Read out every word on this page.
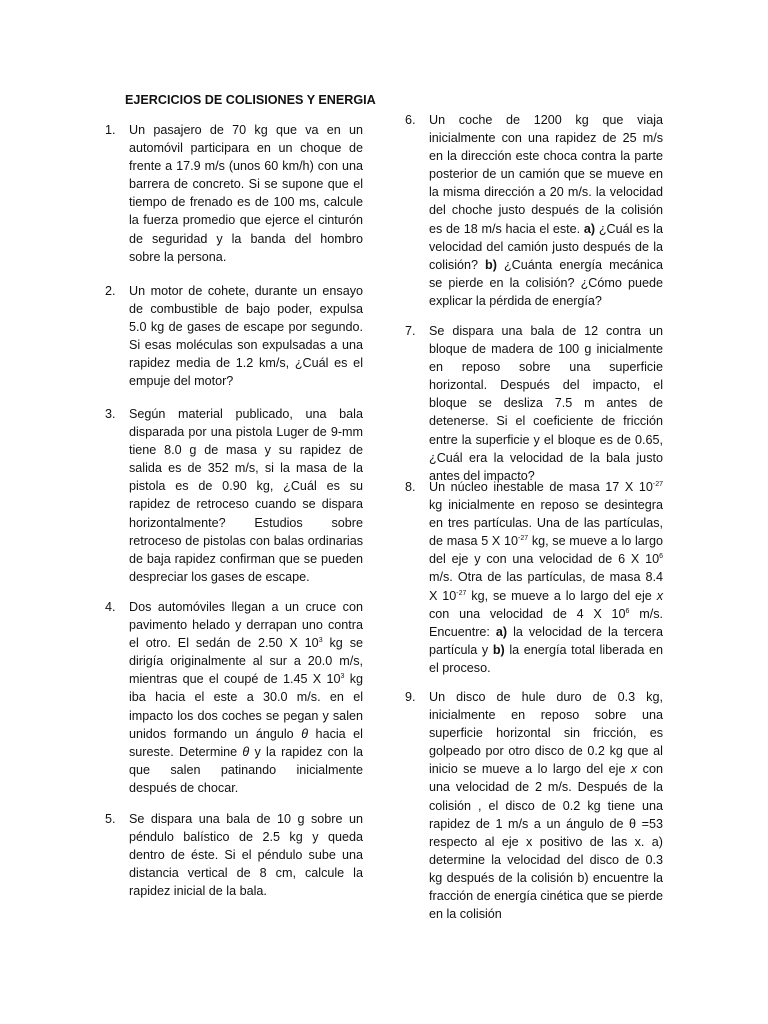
EJERCICIOS DE COLISIONES Y ENERGIA
1.	Un pasajero de 70 kg que va en un automóvil participara en un choque de frente a 17.9 m/s (unos 60 km/h) con una barrera de concreto. Si se supone que el tiempo de frenado es de 100 ms, calcule la fuerza promedio que ejerce el cinturón de seguridad y la banda del hombro sobre la persona.
2.	Un motor de cohete, durante un ensayo de combustible de bajo poder, expulsa 5.0 kg de gases de escape por segundo. Si esas moléculas son expulsadas a una rapidez media de 1.2 km/s, ¿Cuál es el empuje del motor?
3.	Según material publicado, una bala disparada por una pistola Luger de 9-mm tiene 8.0 g de masa y su rapidez de salida es de 352 m/s, si la masa de la pistola es de 0.90 kg, ¿Cuál es su rapidez de retroceso cuando se dispara horizontalmente? Estudios sobre retroceso de pistolas con balas ordinarias de baja rapidez confirman que se pueden despreciar los gases de escape.
4.	Dos automóviles llegan a un cruce con pavimento helado y derrapan uno contra el otro. El sedán de 2.50 X $10^3$ kg se dirigía originalmente al sur a 20.0 m/s, mientras que el coupé de 1.45 X $10^3$ kg iba hacia el este a 30.0 m/s. en el impacto los dos coches se pegan y salen unidos formando un ángulo θ hacia el sureste. Determine θ y la rapidez con la que salen patinando inicialmente después de chocar.
5.	Se dispara una bala de 10 g sobre un péndulo balístico de 2.5 kg y queda dentro de éste. Si el péndulo sube una distancia vertical de 8 cm, calcule la rapidez inicial de la bala.
6.	Un coche de 1200 kg que viaja inicialmente con una rapidez de 25 m/s en la dirección este choca contra la parte posterior de un camión que se mueve en la misma dirección a 20 m/s. la velocidad del choche justo después de la colisión es de 18 m/s hacia el este. a) ¿Cuál es la velocidad del camión justo después de la colisión? b) ¿Cuánta energía mecánica se pierde en la colisión? ¿Cómo puede explicar la pérdida de energía?
7.	Se dispara una bala de 12 contra un bloque de madera de 100 g inicialmente en reposo sobre una superficie horizontal. Después del impacto, el bloque se desliza 7.5 m antes de detenerse. Si el coeficiente de fricción entre la superficie y el bloque es de 0.65, ¿Cuál era la velocidad de la bala justo antes del impacto?
8.	Un núcleo inestable de masa 17 X $10^{-27}$ kg inicialmente en reposo se desintegra en tres partículas. Una de las partículas, de masa 5 X $10^{-27}$ kg, se mueve a lo largo del eje y con una velocidad de 6 X $10^6$ m/s. Otra de las partículas, de masa 8.4 X $10^{-27}$ kg, se mueve a lo largo del eje x con una velocidad de 4 X $10^6$ m/s. Encuentre: a) la velocidad de la tercera partícula y b) la energía total liberada en el proceso.
9.	Un disco de hule duro de 0.3 kg, inicialmente en reposo sobre una superficie horizontal sin fricción, es golpeado por otro disco de 0.2 kg que al inicio se mueve a lo largo del eje x con una velocidad de 2 m/s. Después de la colisión , el disco de 0.2 kg tiene una rapidez de 1 m/s a un ángulo de θ =53 respecto al eje x positivo de las x. a) determine la velocidad del disco de 0.3 kg después de la colisión b) encuentre la fracción de energía cinética que se pierde en la colisión
